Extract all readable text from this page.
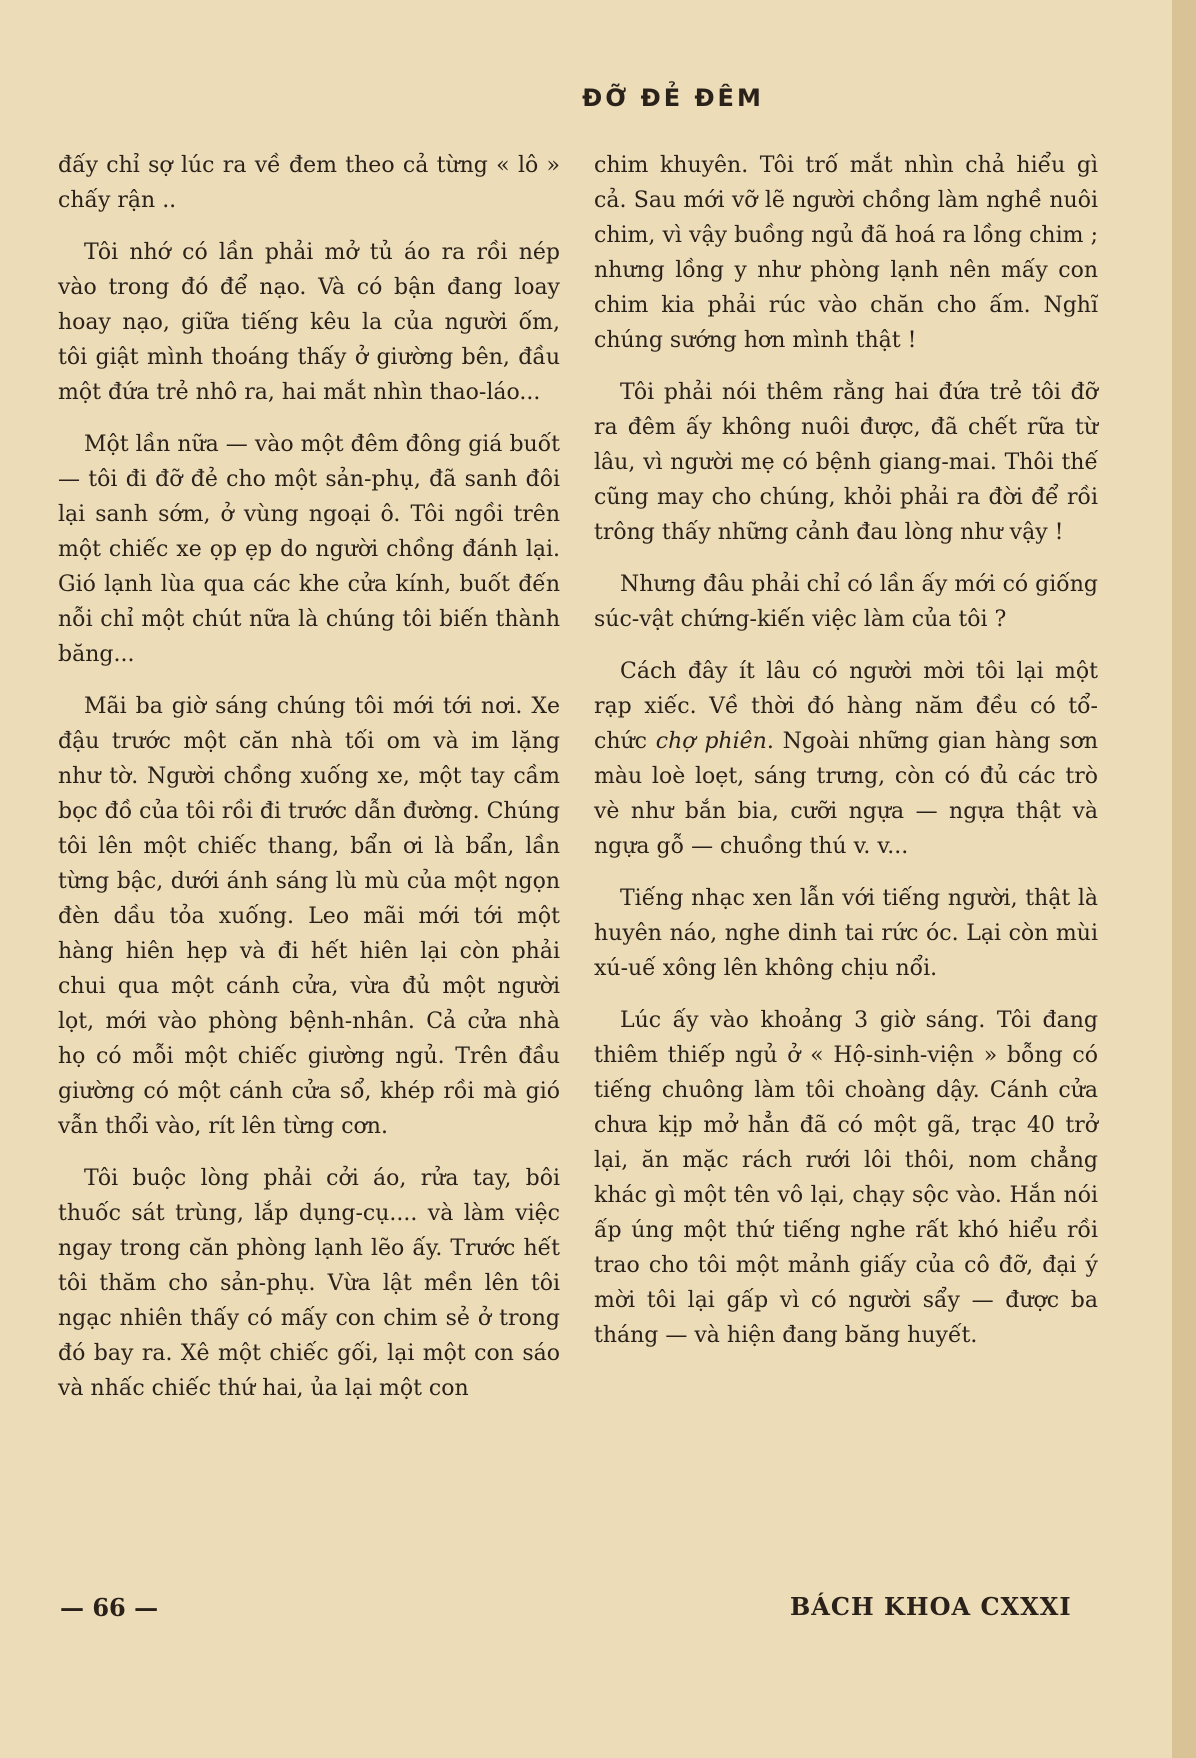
ĐỠ ĐẺ ĐÊM

đấy chỉ sợ lúc ra về đem theo cả từng « lô » chấy rận ..

Tôi nhớ có lần phải mở tủ áo ra rồi nép vào trong đó để nạo. Và có bận đang loay hoay nạo, giữa tiếng kêu la của người ốm, tôi giật mình thoáng thấy ở giường bên, đầu một đứa trẻ nhô ra, hai mắt nhìn thao-láo...

Một lần nữa — vào một đêm đông giá buốt — tôi đi đỡ đẻ cho một sản-phụ, đã sanh đôi lại sanh sớm, ở vùng ngoại ô. Tôi ngồi trên một chiếc xe ọp ẹp do người chồng đánh lại. Gió lạnh lùa qua các khe cửa kính, buốt đến nỗi chỉ một chút nữa là chúng tôi biến thành băng...

Mãi ba giờ sáng chúng tôi mới tới nơi. Xe đậu trước một căn nhà tối om và im lặng như tờ. Người chồng xuống xe, một tay cầm bọc đồ của tôi rồi đi trước dẫn đường. Chúng tôi lên một chiếc thang, bẩn ơi là bẩn, lần từng bậc, dưới ánh sáng lù mù của một ngọn đèn dầu tỏa xuống. Leo mãi mới tới một hàng hiên hẹp và đi hết hiên lại còn phải chui qua một cánh cửa, vừa đủ một người lọt, mới vào phòng bệnh-nhân. Cả cửa nhà họ có mỗi một chiếc giường ngủ. Trên đầu giường có một cánh cửa sổ, khép rồi mà gió vẫn thổi vào, rít lên từng cơn.

Tôi buộc lòng phải cởi áo, rửa tay, bôi thuốc sát trùng, lắp dụng-cụ.... và làm việc ngay trong căn phòng lạnh lẽo ấy. Trước hết tôi thăm cho sản-phụ. Vừa lật mền lên tôi ngạc nhiên thấy có mấy con chim sẻ ở trong đó bay ra. Xê một chiếc gối, lại một con sáo và nhấc chiếc thứ hai, ủa lại một con

chim khuyên. Tôi trố mắt nhìn chả hiểu gì cả. Sau mới vỡ lẽ người chồng làm nghề nuôi chim, vì vậy buồng ngủ đã hoá ra lồng chim ; nhưng lồng y như phòng lạnh nên mấy con chim kia phải rúc vào chăn cho ấm. Nghĩ chúng sướng hơn mình thật !

Tôi phải nói thêm rằng hai đứa trẻ tôi đỡ ra đêm ấy không nuôi được, đã chết rữa từ lâu, vì người mẹ có bệnh giang-mai. Thôi thế cũng may cho chúng, khỏi phải ra đời để rồi trông thấy những cảnh đau lòng như vậy !

Nhưng đâu phải chỉ có lần ấy mới có giống súc-vật chứng-kiến việc làm của tôi ?

Cách đây ít lâu có người mời tôi lại một rạp xiếc. Về thời đó hàng năm đều có tổ-chức chợ phiên. Ngoài những gian hàng sơn màu loè loẹt, sáng trưng, còn có đủ các trò vè như bắn bia, cưỡi ngựa — ngựa thật và ngựa gỗ — chuồng thú v. v...

Tiếng nhạc xen lẫn với tiếng người, thật là huyên náo, nghe dinh tai rức óc. Lại còn mùi xú-uế xông lên không chịu nổi.

Lúc ấy vào khoảng 3 giờ sáng. Tôi đang thiêm thiếp ngủ ở « Hộ-sinh-viện » bỗng có tiếng chuông làm tôi choàng dậy. Cánh cửa chưa kịp mở hẳn đã có một gã, trạc 40 trở lại, ăn mặc rách rưới lôi thôi, nom chẳng khác gì một tên vô lại, chạy sộc vào. Hắn nói ấp úng một thứ tiếng nghe rất khó hiểu rồi trao cho tôi một mảnh giấy của cô đỡ, đại ý mời tôi lại gấp vì có người sẩy — được ba tháng — và hiện đang băng huyết.

— 66 —	BÁCH KHOA CXXXI
